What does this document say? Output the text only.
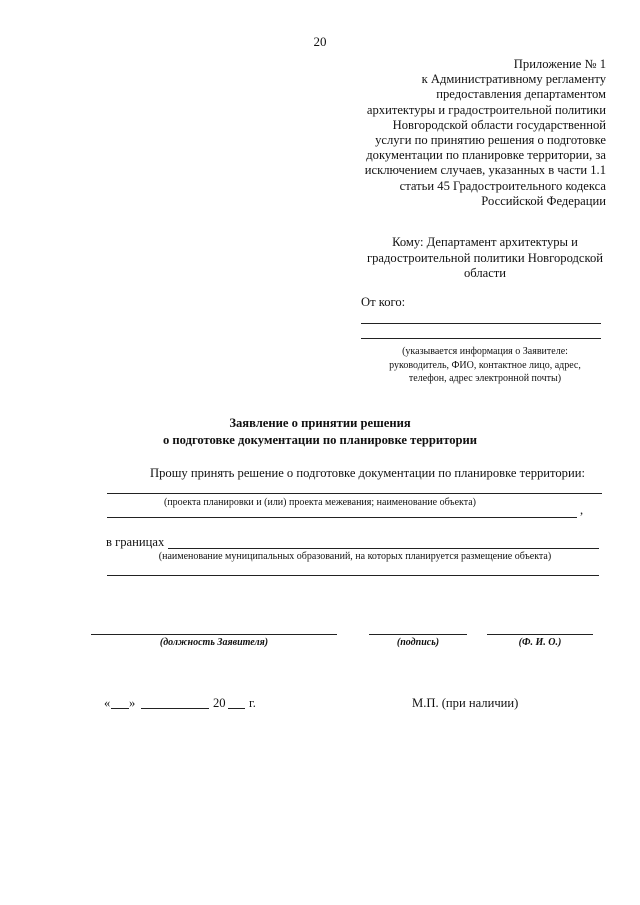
20
Приложение № 1
к Административному регламенту
предоставления департаментом
архитектуры и градостроительной политики
Новгородской области государственной
услуги по принятию решения о подготовке
документации по планировке территории, за
исключением случаев, указанных в части 1.1
статьи 45 Градостроительного кодекса
Российской Федерации
Кому: Департамент архитектуры и
градостроительной политики Новгородской
области
От кого:
(указывается информация о Заявителе:
руководитель, ФИО, контактное лицо, адрес,
телефон, адрес электронной почты)
Заявление о принятии решения
о подготовке документации по планировке территории
Прошу принять решение о подготовке документации по планировке территории:
(проекта планировки и (или) проекта межевания; наименование объекта)
,
в границах
(наименование муниципальных образований, на которых планируется размещение объекта)
(должность Заявителя)	(подпись)	(Ф. И. О.)
« »	20 г.	М.П. (при наличии)
